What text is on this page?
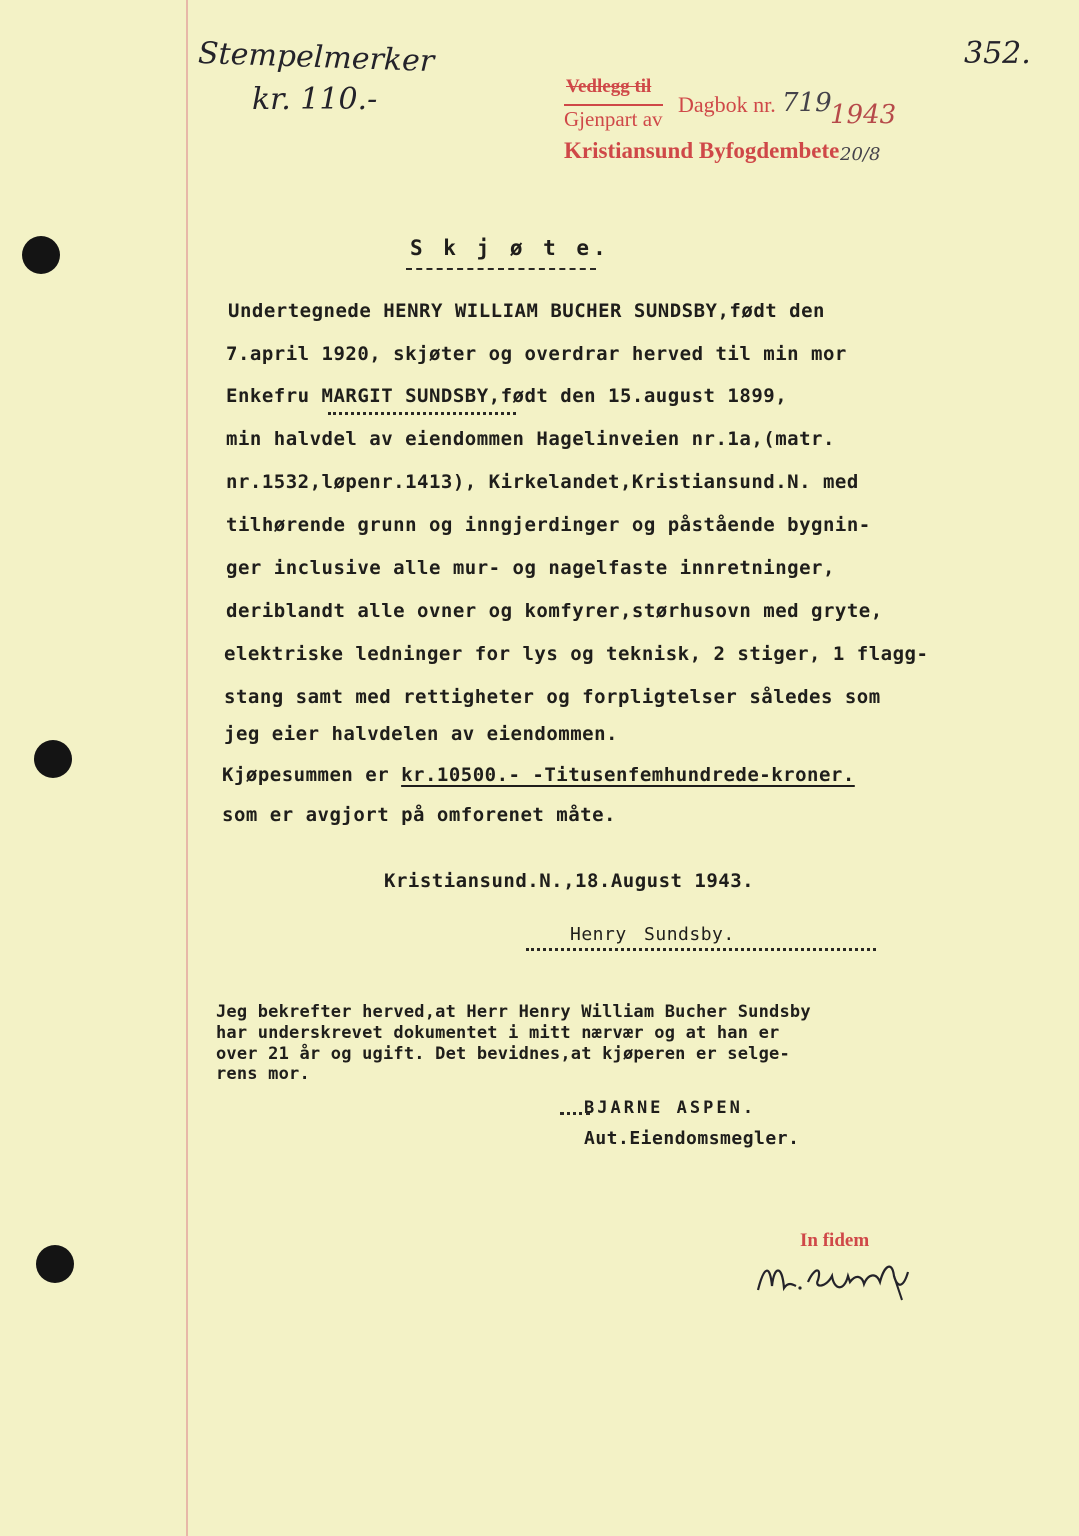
Stempelmerker
kr. 110.-
352.
Vedlegg til
Gjenpart av
Dagbok nr. 719
1943
Kristiansund Byfogdembete 20/8
S k j ø t e.
Undertegnede HENRY WILLIAM BUCHER SUNDSBY,født den
7.april 1920, skjøter og overdrar herved til min mor
Enkefru MARGIT SUNDSBY,født den 15.august 1899,
min halvdel av eiendommen Hagelinveien nr.1a,(matr.
nr.1532,løpenr.1413), Kirkelandet,Kristiansund.N. med
tilhørende grunn og inngjerdinger og påstående bygnin-
ger inclusive alle mur- og nagelfaste innretninger,
deriblandt alle ovner og komfyrer,størhusovn med gryte,
elektriske ledninger for lys og teknisk, 2 stiger, 1 flagg-
stang samt med rettigheter og forpligtelser således som
jeg eier halvdelen av eiendommen.
Kjøpesummen er kr.10500.- -Titusenfemhundrede-kroner.
som er avgjort på omforenet måte.
Kristiansund.N.,18.August 1943.
Henry Sundsby.
Jeg bekrefter herved,at Herr Henry William Bucher Sundsby
har underskrevet dokumentet i mitt nærvær og at han er
over 21 år og ugift. Det bevidnes,at kjøperen er selge-
rens mor.
BJARNE ASPEN.
Aut.Eiendomsmegler.
In fidem
